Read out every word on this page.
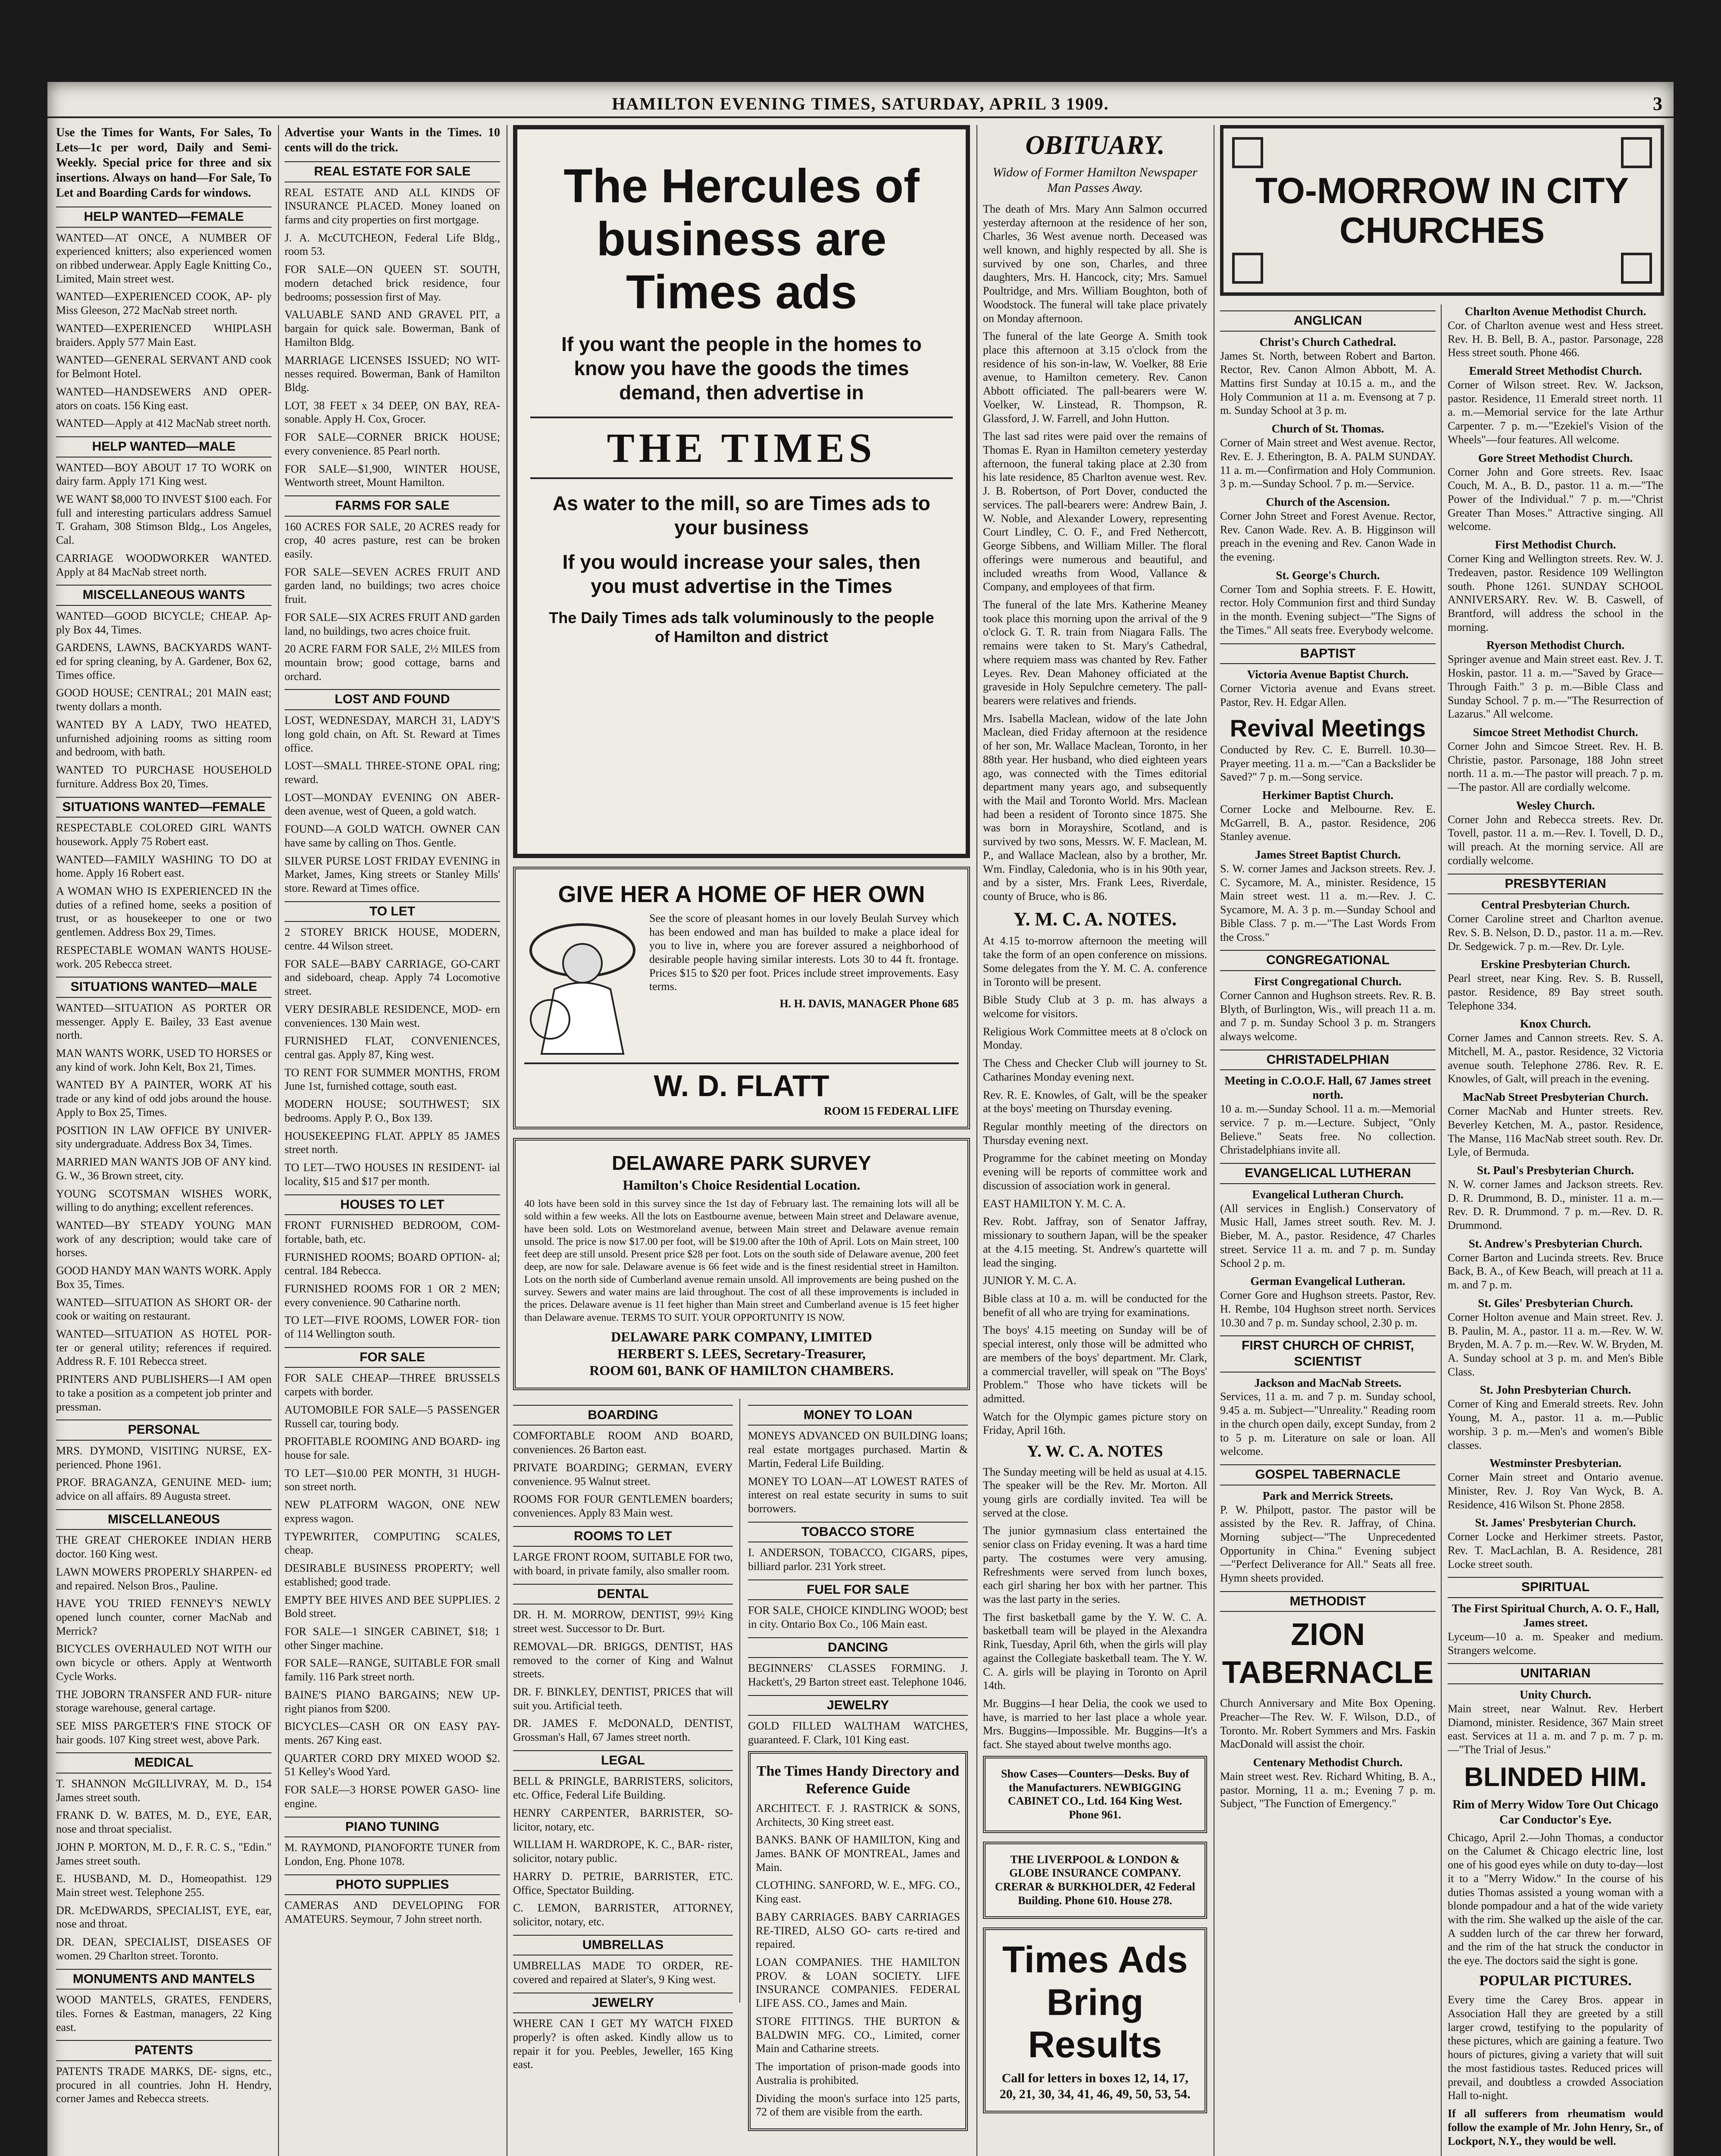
HAMILTON EVENING TIMES, SATURDAY, APRIL 3 1909.	3
Use the Times for Wants, For Sales, To Lets—1c per word, Daily and Semi-Weekly. Special price for three and six insertions. Always on hand—For Sale, To Let and Boarding Cards for windows.
HELP WANTED—FEMALE
WANTED—AT ONCE, A NUMBER OF experienced knitters; also experienced women on ribbed underwear. Apply Eagle Knitting Co., Limited, Main street west.
WANTED—EXPERIENCED COOK, AP- ply Miss Gleeson, 272 MacNab street north.
WANTED—EXPERIENCED WHIPLASH braiders. Apply 577 Main East.
WANTED—GENERAL SERVANT AND cook for Belmont Hotel.
WANTED—HANDSEWERS AND OPER- ators on coats. 156 King east.
WANTED—Apply at 412 MacNab street north.
HELP WANTED—MALE
WANTED—BOY ABOUT 17 TO WORK on dairy farm. Apply 171 King west.
WE WANT $8,000 TO INVEST $100 each. For full and interesting particulars address Samuel T. Graham, 308 Stimson Bldg., Los Angeles, Cal.
CARRIAGE WOODWORKER WANTED. Apply at 84 MacNab street north.
MISCELLANEOUS WANTS
WANTED—GOOD BICYCLE; CHEAP. Ap- ply Box 44, Times.
GARDENS, LAWNS, BACKYARDS WANT- ed for spring cleaning, by A. Gardener, Box 62, Times office.
GOOD HOUSE; CENTRAL; 201 MAIN east; twenty dollars a month.
WANTED BY A LADY, TWO HEATED, unfurnished adjoining rooms as sitting room and bedroom, with bath.
WANTED TO PURCHASE HOUSEHOLD furniture. Address Box 20, Times.
SITUATIONS WANTED—FEMALE
RESPECTABLE COLORED GIRL WANTS housework. Apply 75 Robert east.
WANTED—FAMILY WASHING TO DO at home. Apply 16 Robert east.
A WOMAN WHO IS EXPERIENCED IN the duties of a refined home, seeks a position of trust, or as housekeeper to one or two gentlemen. Address Box 29, Times.
RESPECTABLE WOMAN WANTS HOUSE- work. 205 Rebecca street.
SITUATIONS WANTED—MALE
WANTED—SITUATION AS PORTER OR messenger. Apply E. Bailey, 33 East avenue north.
MAN WANTS WORK, USED TO HORSES or any kind of work. John Kelt, Box 21, Times.
WANTED BY A PAINTER, WORK AT his trade or any kind of odd jobs around the house. Apply to Box 25, Times.
POSITION IN LAW OFFICE BY UNIVER- sity undergraduate. Address Box 34, Times.
MARRIED MAN WANTS JOB OF ANY kind. G. W., 36 Brown street, city.
YOUNG SCOTSMAN WISHES WORK, willing to do anything; excellent references.
WANTED—BY STEADY YOUNG MAN work of any description; would take care of horses.
GOOD HANDY MAN WANTS WORK. Apply Box 35, Times.
WANTED—SITUATION AS SHORT OR- der cook or waiting on restaurant.
WANTED—SITUATION AS HOTEL POR- ter or general utility; references if required. Address R. F. 101 Rebecca street.
PRINTERS AND PUBLISHERS—I AM open to take a position as a competent job printer and pressman.
PERSONAL
MRS. DYMOND, VISITING NURSE, EX- perienced. Phone 1961.
PROF. BRAGANZA, GENUINE MED- ium; advice on all affairs. 89 Augusta street.
MISCELLANEOUS
THE GREAT CHEROKEE INDIAN HERB doctor. 160 King west.
LAWN MOWERS PROPERLY SHARPEN- ed and repaired. Nelson Bros., Pauline.
HAVE YOU TRIED FENNEY'S NEWLY opened lunch counter, corner MacNab and Merrick?
BICYCLES OVERHAULED NOT WITH our own bicycle or others. Apply at Wentworth Cycle Works.
THE JOBORN TRANSFER AND FUR- niture storage warehouse, general cartage.
SEE MISS PARGETER'S FINE STOCK OF hair goods. 107 King street west, above Park.
MEDICAL
T. SHANNON McGILLIVRAY, M. D., 154 James street south.
FRANK D. W. BATES, M. D., EYE, EAR, nose and throat specialist.
JOHN P. MORTON, M. D., F. R. C. S., "Edin." James street south.
E. HUSBAND, M. D., Homeopathist. 129 Main street west. Telephone 255.
DR. McEDWARDS, SPECIALIST, EYE, ear, nose and throat.
DR. DEAN, SPECIALIST, DISEASES OF women. 29 Charlton street. Toronto.
MONUMENTS AND MANTELS
WOOD MANTELS, GRATES, FENDERS, tiles. Fornes & Eastman, managers, 22 King east.
PATENTS
PATENTS TRADE MARKS, DE- signs, etc., procured in all countries. John H. Hendry, corner James and Rebecca streets.
Advertise your Wants in the Times. 10 cents will do the trick.
REAL ESTATE FOR SALE
REAL ESTATE AND ALL KINDS OF INSURANCE PLACED. Money loaned on farms and city properties on first mortgage.
J. A. McCUTCHEON, Federal Life Bldg., room 53.
FOR SALE—ON QUEEN ST. SOUTH, modern detached brick residence, four bedrooms; possession first of May.
VALUABLE SAND AND GRAVEL PIT, a bargain for quick sale. Bowerman, Bank of Hamilton Bldg.
MARRIAGE LICENSES ISSUED; NO WIT- nesses required. Bowerman, Bank of Hamilton Bldg.
LOT, 38 FEET x 34 DEEP, ON BAY, REA- sonable. Apply H. Cox, Grocer.
FOR SALE—CORNER BRICK HOUSE; every convenience. 85 Pearl north.
FOR SALE—$1,900, WINTER HOUSE, Wentworth street, Mount Hamilton.
FARMS FOR SALE
160 ACRES FOR SALE, 20 ACRES ready for crop, 40 acres pasture, rest can be broken easily.
FOR SALE—SEVEN ACRES FRUIT AND garden land, no buildings; two acres choice fruit.
FOR SALE—SIX ACRES FRUIT AND garden land, no buildings, two acres choice fruit.
20 ACRE FARM FOR SALE, 2½ MILES from mountain brow; good cottage, barns and orchard.
LOST AND FOUND
LOST, WEDNESDAY, MARCH 31, LADY'S long gold chain, on Aft. St. Reward at Times office.
LOST—SMALL THREE-STONE OPAL ring; reward.
LOST—MONDAY EVENING ON ABER- deen avenue, west of Queen, a gold watch.
FOUND—A GOLD WATCH. OWNER CAN have same by calling on Thos. Gentle.
SILVER PURSE LOST FRIDAY EVENING in Market, James, King streets or Stanley Mills' store. Reward at Times office.
TO LET
2 STOREY BRICK HOUSE, MODERN, centre. 44 Wilson street.
FOR SALE—BABY CARRIAGE, GO-CART and sideboard, cheap. Apply 74 Locomotive street.
VERY DESIRABLE RESIDENCE, MOD- ern conveniences. 130 Main west.
FURNISHED FLAT, CONVENIENCES, central gas. Apply 87, King west.
TO RENT FOR SUMMER MONTHS, FROM June 1st, furnished cottage, south east.
MODERN HOUSE; SOUTHWEST; SIX bedrooms. Apply P. O., Box 139.
HOUSEKEEPING FLAT. APPLY 85 JAMES street north.
TO LET—TWO HOUSES IN RESIDENT- ial locality, $15 and $17 per month.
HOUSES TO LET
FRONT FURNISHED BEDROOM, COM- fortable, bath, etc.
FURNISHED ROOMS; BOARD OPTION- al; central. 184 Rebecca.
FURNISHED ROOMS FOR 1 OR 2 MEN; every convenience. 90 Catharine north.
TO LET—FIVE ROOMS, LOWER FOR- tion of 114 Wellington south.
FOR SALE
FOR SALE CHEAP—THREE BRUSSELS carpets with border.
AUTOMOBILE FOR SALE—5 PASSENGER Russell car, touring body.
PROFITABLE ROOMING AND BOARD- ing house for sale.
TO LET—$10.00 PER MONTH, 31 HUGH- son street north.
NEW PLATFORM WAGON, ONE NEW express wagon.
TYPEWRITER, COMPUTING SCALES, cheap.
DESIRABLE BUSINESS PROPERTY; well established; good trade.
EMPTY BEE HIVES AND BEE SUPPLIES. 2 Bold street.
FOR SALE—1 SINGER CABINET, $18; 1 other Singer machine.
FOR SALE—RANGE, SUITABLE FOR small family. 116 Park street north.
BAINE'S PIANO BARGAINS; NEW UP- right pianos from $200.
BICYCLES—CASH OR ON EASY PAY- ments. 267 King east.
QUARTER CORD DRY MIXED WOOD $2. 51 Kelley's Wood Yard.
FOR SALE—3 HORSE POWER GASO- line engine.
PIANO TUNING
M. RAYMOND, PIANOFORTE TUNER from London, Eng. Phone 1078.
PHOTO SUPPLIES
CAMERAS AND DEVELOPING FOR AMATEURS. Seymour, 7 John street north.
The Hercules of business are Times ads

If you want the people in the homes to know you have the goods the times demand, then advertise in

THE TIMES

As water to the mill, so are Times ads to your business

If you would increase your sales, then you must advertise in the Times

The Daily Times ads talk voluminously to the people of Hamilton and district

GIVE HER A HOME OF HER OWN
See the score of pleasant homes in our lovely Beulah Survey which has been endowed and man has builded to make a place ideal for you to live in, where you are forever assured a neighborhood of desirable people having similar interests. Lots 30 to 44 ft. frontage. Prices $15 to $20 per foot. Prices include street improvements. Easy terms.
H. H. DAVIS, MANAGER Phone 685
W. D. FLATT
ROOM 15 FEDERAL LIFE
DELAWARE PARK SURVEY
Hamilton's Choice Residential Location.
40 lots have been sold in this survey since the 1st day of February last. The remaining lots will all be sold within a few weeks. All the lots on Eastbourne avenue, between Main street and Delaware avenue, have been sold. Lots on Westmoreland avenue, between Main street and Delaware avenue remain unsold. The price is now $17.00 per foot, will be $19.00 after the 10th of April. Lots on Main street, 100 feet deep are still unsold. Present price $28 per foot. Lots on the south side of Delaware avenue, 200 feet deep, are now for sale. Delaware avenue is 66 feet wide and is the finest residential street in Hamilton. Lots on the north side of Cumberland avenue remain unsold. All improvements are being pushed on the survey. Sewers and water mains are laid throughout. The cost of all these improvements is included in the prices. Delaware avenue is 11 feet higher than Main street and Cumberland avenue is 15 feet higher than Delaware avenue. TERMS TO SUIT. YOUR OPPORTUNITY IS NOW.
DELAWARE PARK COMPANY, LIMITED
HERBERT S. LEES, Secretary-Treasurer,
ROOM 601, BANK OF HAMILTON CHAMBERS.
BOARDING
COMFORTABLE ROOM AND BOARD, conveniences. 26 Barton east.
PRIVATE BOARDING; GERMAN, EVERY convenience. 95 Walnut street.
ROOMS FOR FOUR GENTLEMEN boarders; conveniences. Apply 83 Main west.
ROOMS TO LET
LARGE FRONT ROOM, SUITABLE FOR two, with board, in private family, also smaller room.
DENTAL
DR. H. M. MORROW, DENTIST, 99½ King street west. Successor to Dr. Burt.
REMOVAL—DR. BRIGGS, DENTIST, HAS removed to the corner of King and Walnut streets.
DR. F. BINKLEY, DENTIST, PRICES that will suit you. Artificial teeth.
DR. JAMES F. McDONALD, DENTIST, Grossman's Hall, 67 James street north.
LEGAL
BELL & PRINGLE, BARRISTERS, solicitors, etc. Office, Federal Life Building.
HENRY CARPENTER, BARRISTER, SO- licitor, notary, etc.
WILLIAM H. WARDROPE, K. C., BAR- rister, solicitor, notary public.
HARRY D. PETRIE, BARRISTER, ETC. Office, Spectator Building.
C. LEMON, BARRISTER, ATTORNEY, solicitor, notary, etc.
UMBRELLAS
UMBRELLAS MADE TO ORDER, RE- covered and repaired at Slater's, 9 King west.
JEWELRY
WHERE CAN I GET MY WATCH FIXED properly? is often asked. Kindly allow us to repair it for you. Peebles, Jeweller, 165 King east.
MONEY TO LOAN
MONEYS ADVANCED ON BUILDING loans; real estate mortgages purchased. Martin & Martin, Federal Life Building.
MONEY TO LOAN—AT LOWEST RATES of interest on real estate security in sums to suit borrowers.
TOBACCO STORE
I. ANDERSON, TOBACCO, CIGARS, pipes, billiard parlor. 231 York street.
FUEL FOR SALE
FOR SALE, CHOICE KINDLING WOOD; best in city. Ontario Box Co., 106 Main east.
DANCING
BEGINNERS' CLASSES FORMING. J. Hackett's, 29 Barton street east. Telephone 1046.
JEWELRY
GOLD FILLED WALTHAM WATCHES, guaranteed. F. Clark, 101 King east.
The Times Handy Directory and Reference Guide
ARCHITECT. F. J. RASTRICK & SONS, Architects, 30 King street east.
BANKS. BANK OF HAMILTON, King and James. BANK OF MONTREAL, James and Main.
CLOTHING. SANFORD, W. E., MFG. CO., King east.
BABY CARRIAGES. BABY CARRIAGES RE-TIRED, ALSO GO- carts re-tired and repaired.
LOAN COMPANIES. THE HAMILTON PROV. & LOAN SOCIETY. LIFE INSURANCE COMPANIES. FEDERAL LIFE ASS. CO., James and Main.
STORE FITTINGS. THE BURTON & BALDWIN MFG. CO., Limited, corner Main and Catharine streets.
The importation of prison-made goods into Australia is prohibited.
Dividing the moon's surface into 125 parts, 72 of them are visible from the earth.
OBITUARY.
Widow of Former Hamilton Newspaper Man Passes Away.

The death of Mrs. Mary Ann Salmon occurred yesterday afternoon at the residence of her son, Charles, 36 West avenue north. Deceased was well known, and highly respected by all. She is survived by one son, Charles, and three daughters, Mrs. H. Hancock, city; Mrs. Samuel Poultridge, and Mrs. William Boughton, both of Woodstock. The funeral will take place privately on Monday afternoon.

The funeral of the late George A. Smith took place this afternoon at 3.15 o'clock from the residence of his son-in-law, W. Voelker, 88 Erie avenue, to Hamilton cemetery. Rev. Canon Abbott officiated. The pall-bearers were W. Voelker, W. Linstead, R. Thompson, R. Glassford, J. W. Farrell, and John Hutton.

The last sad rites were paid over the remains of Thomas E. Ryan in Hamilton cemetery yesterday afternoon, the funeral taking place at 2.30 from his late residence, 85 Charlton avenue west. Rev. J. B. Robertson, of Port Dover, conducted the services. The pall-bearers were: Andrew Bain, J. W. Noble, and Alexander Lowery, representing Court Lindley, C. O. F., and Fred Nethercott, George Sibbens, and William Miller. The floral offerings were numerous and beautiful, and included wreaths from Wood, Vallance & Company, and employees of that firm.

The funeral of the late Mrs. Katherine Meaney took place this morning upon the arrival of the 9 o'clock G. T. R. train from Niagara Falls. The remains were taken to St. Mary's Cathedral, where requiem mass was chanted by Rev. Father Leyes. Rev. Dean Mahoney officiated at the graveside in Holy Sepulchre cemetery. The pall-bearers were relatives and friends.

Mrs. Isabella Maclean, widow of the late John Maclean, died Friday afternoon at the residence of her son, Mr. Wallace Maclean, Toronto, in her 88th year. Her husband, who died eighteen years ago, was connected with the Times editorial department many years ago, and subsequently with the Mail and Toronto World. Mrs. Maclean had been a resident of Toronto since 1875. She was born in Morayshire, Scotland, and is survived by two sons, Messrs. W. F. Maclean, M. P., and Wallace Maclean, also by a brother, Mr. Wm. Findlay, Caledonia, who is in his 90th year, and by a sister, Mrs. Frank Lees, Riverdale, county of Bruce, who is 86.

Y. M. C. A. NOTES.

At 4.15 to-morrow afternoon the meeting will take the form of an open conference on missions. Some delegates from the Y. M. C. A. conference in Toronto will be present.

Bible Study Club at 3 p. m. has always a welcome for visitors.

Religious Work Committee meets at 8 o'clock on Monday.

The Chess and Checker Club will journey to St. Catharines Monday evening next.

Rev. R. E. Knowles, of Galt, will be the speaker at the boys' meeting on Thursday evening.

Regular monthly meeting of the directors on Thursday evening next.

Programme for the cabinet meeting on Monday evening will be reports of committee work and discussion of association work in general.

EAST HAMILTON Y. M. C. A.

Rev. Robt. Jaffray, son of Senator Jaffray, missionary to southern Japan, will be the speaker at the 4.15 meeting. St. Andrew's quartette will lead the singing.

JUNIOR Y. M. C. A.

Bible class at 10 a. m. will be conducted for the benefit of all who are trying for examinations.

The boys' 4.15 meeting on Sunday will be of special interest, only those will be admitted who are members of the boys' department. Mr. Clark, a commercial traveller, will speak on "The Boys' Problem." Those who have tickets will be admitted.

Watch for the Olympic games picture story on Friday, April 16th.

Y. W. C. A. NOTES

The Sunday meeting will be held as usual at 4.15. The speaker will be the Rev. Mr. Morton. All young girls are cordially invited. Tea will be served at the close.

The junior gymnasium class entertained the senior class on Friday evening. It was a hard time party. The costumes were very amusing. Refreshments were served from lunch boxes, each girl sharing her box with her partner. This was the last party in the series.

The first basketball game by the Y. W. C. A. basketball team will be played in the Alexandra Rink, Tuesday, April 6th, when the girls will play against the Collegiate basketball team. The Y. W. C. A. girls will be playing in Toronto on April 14th.

Mr. Buggins—I hear Delia, the cook we used to have, is married to her last place a whole year. Mrs. Buggins—Impossible. Mr. Buggins—It's a fact. She stayed about twelve months ago.

Show Cases—Counters—Desks. Buy of the Manufacturers. NEWBIGGING CABINET CO., Ltd. 164 King West. Phone 961.
THE LIVERPOOL & LONDON & GLOBE INSURANCE COMPANY. CRERAR & BURKHOLDER, 42 Federal Building. Phone 610. House 278.
Times Ads Bring Results
Call for letters in boxes 12, 14, 17, 20, 21, 30, 34, 41, 46, 49, 50, 53, 54.
TO-MORROW IN CITY CHURCHES
ANGLICAN
Christ's Church Cathedral.
James St. North, between Robert and Barton. Rector, Rev. Canon Almon Abbott, M. A. Mattins first Sunday at 10.15 a. m., and the Holy Communion at 11 a. m. Evensong at 7 p. m. Sunday School at 3 p. m.
Church of St. Thomas.
Corner of Main street and West avenue. Rector, Rev. E. J. Etherington, B. A. PALM SUNDAY. 11 a. m.—Confirmation and Holy Communion. 3 p. m.—Sunday School. 7 p. m.—Service.
Church of the Ascension.
Corner John Street and Forest Avenue. Rector, Rev. Canon Wade. Rev. A. B. Higginson will preach in the evening and Rev. Canon Wade in the evening.
St. George's Church.
Corner Tom and Sophia streets. F. E. Howitt, rector. Holy Communion first and third Sunday in the month. Evening subject—"The Signs of the Times." All seats free. Everybody welcome.
BAPTIST
Victoria Avenue Baptist Church.
Corner Victoria avenue and Evans street. Pastor, Rev. H. Edgar Allen.
Revival Meetings
Conducted by Rev. C. E. Burrell. 10.30—Prayer meeting. 11 a. m.—"Can a Backslider be Saved?" 7 p. m.—Song service.
Herkimer Baptist Church.
Corner Locke and Melbourne. Rev. E. McGarrell, B. A., pastor. Residence, 206 Stanley avenue.
James Street Baptist Church.
S. W. corner James and Jackson streets. Rev. J. C. Sycamore, M. A., minister. Residence, 15 Main street west. 11 a. m.—Rev. J. C. Sycamore, M. A. 3 p. m.—Sunday School and Bible Class. 7 p. m.—"The Last Words From the Cross."
CONGREGATIONAL
First Congregational Church.
Corner Cannon and Hughson streets. Rev. R. B. Blyth, of Burlington, Wis., will preach 11 a. m. and 7 p. m. Sunday School 3 p. m. Strangers always welcome.
CHRISTADELPHIAN
Meeting in C.O.O.F. Hall, 67 James street north.
10 a. m.—Sunday School. 11 a. m.—Memorial service. 7 p. m.—Lecture. Subject, "Only Believe." Seats free. No collection. Christadelphians invite all.
EVANGELICAL LUTHERAN
Evangelical Lutheran Church.
(All services in English.) Conservatory of Music Hall, James street south. Rev. M. J. Bieber, M. A., pastor. Residence, 47 Charles street. Service 11 a. m. and 7 p. m. Sunday School 2 p. m.
German Evangelical Lutheran.
Corner Gore and Hughson streets. Pastor, Rev. H. Rembe, 104 Hughson street north. Services 10.30 and 7 p. m. Sunday school, 2.30 p. m.
FIRST CHURCH OF CHRIST, SCIENTIST
Jackson and MacNab Streets.
Services, 11 a. m. and 7 p. m. Sunday school, 9.45 a. m. Subject—"Unreality." Reading room in the church open daily, except Sunday, from 2 to 5 p. m. Literature on sale or loan. All welcome.
GOSPEL TABERNACLE
Park and Merrick Streets.
P. W. Philpott, pastor. The pastor will be assisted by the Rev. R. Jaffray, of China. Morning subject—"The Unprecedented Opportunity in China." Evening subject—"Perfect Deliverance for All." Seats all free. Hymn sheets provided.
METHODIST
ZION TABERNACLE
Church Anniversary and Mite Box Opening. Preacher—The Rev. W. F. Wilson, D.D., of Toronto. Mr. Robert Symmers and Mrs. Faskin MacDonald will assist the choir.
Centenary Methodist Church.
Main street west. Rev. Richard Whiting, B. A., pastor. Morning, 11 a. m.; Evening 7 p. m. Subject, "The Function of Emergency."
Charlton Avenue Methodist Church.
Cor. of Charlton avenue west and Hess street. Rev. H. B. Bell, B. A., pastor. Parsonage, 228 Hess street south. Phone 466.
Emerald Street Methodist Church.
Corner of Wilson street. Rev. W. Jackson, pastor. Residence, 11 Emerald street north. 11 a. m.—Memorial service for the late Arthur Carpenter. 7 p. m.—"Ezekiel's Vision of the Wheels"—four features. All welcome.
Gore Street Methodist Church.
Corner John and Gore streets. Rev. Isaac Couch, M. A., B. D., pastor. 11 a. m.—"The Power of the Individual." 7 p. m.—"Christ Greater Than Moses." Attractive singing. All welcome.
First Methodist Church.
Corner King and Wellington streets. Rev. W. J. Tredeaven, pastor. Residence 109 Wellington south. Phone 1261. SUNDAY SCHOOL ANNIVERSARY. Rev. W. B. Caswell, of Brantford, will address the school in the morning.
Ryerson Methodist Church.
Springer avenue and Main street east. Rev. J. T. Hoskin, pastor. 11 a. m.—"Saved by Grace—Through Faith." 3 p. m.—Bible Class and Sunday School. 7 p. m.—"The Resurrection of Lazarus." All welcome.
Simcoe Street Methodist Church.
Corner John and Simcoe Street. Rev. H. B. Christie, pastor. Parsonage, 188 John street north. 11 a. m.—The pastor will preach. 7 p. m.—The pastor. All are cordially welcome.
Wesley Church.
Corner John and Rebecca streets. Rev. Dr. Tovell, pastor. 11 a. m.—Rev. I. Tovell, D. D., will preach. At the morning service. All are cordially welcome.
PRESBYTERIAN
Central Presbyterian Church.
Corner Caroline street and Charlton avenue. Rev. S. B. Nelson, D. D., pastor. 11 a. m.—Rev. Dr. Sedgewick. 7 p. m.—Rev. Dr. Lyle.
Erskine Presbyterian Church.
Pearl street, near King. Rev. S. B. Russell, pastor. Residence, 89 Bay street south. Telephone 334.
Knox Church.
Corner James and Cannon streets. Rev. S. A. Mitchell, M. A., pastor. Residence, 32 Victoria avenue south. Telephone 2786. Rev. R. E. Knowles, of Galt, will preach in the evening.
MacNab Street Presbyterian Church.
Corner MacNab and Hunter streets. Rev. Beverley Ketchen, M. A., pastor. Residence, The Manse, 116 MacNab street south. Rev. Dr. Lyle, of Bermuda.
St. Paul's Presbyterian Church.
N. W. corner James and Jackson streets. Rev. D. R. Drummond, B. D., minister. 11 a. m.—Rev. D. R. Drummond. 7 p. m.—Rev. D. R. Drummond.
St. Andrew's Presbyterian Church.
Corner Barton and Lucinda streets. Rev. Bruce Back, B. A., of Kew Beach, will preach at 11 a. m. and 7 p. m.
St. Giles' Presbyterian Church.
Corner Holton avenue and Main street. Rev. J. B. Paulin, M. A., pastor. 11 a. m.—Rev. W. W. Bryden, M. A. 7 p. m.—Rev. W. W. Bryden, M. A. Sunday school at 3 p. m. and Men's Bible Class.
St. John Presbyterian Church.
Corner of King and Emerald streets. Rev. John Young, M. A., pastor. 11 a. m.—Public worship. 3 p. m.—Men's and women's Bible classes.
Westminster Presbyterian.
Corner Main street and Ontario avenue. Minister, Rev. J. Roy Van Wyck, B. A. Residence, 416 Wilson St. Phone 2858.
St. James' Presbyterian Church.
Corner Locke and Herkimer streets. Pastor, Rev. T. MacLachlan, B. A. Residence, 281 Locke street south.
SPIRITUAL
The First Spiritual Church, A. O. F., Hall, James street.
Lyceum—10 a. m. Speaker and medium. Strangers welcome.
UNITARIAN
Unity Church.
Main street, near Walnut. Rev. Herbert Diamond, minister. Residence, 367 Main street east. Services at 11 a. m. and 7 p. m. 7 p. m.—"The Trial of Jesus."
BLINDED HIM.
Rim of Merry Widow Tore Out Chicago Car Conductor's Eye.
Chicago, April 2.—John Thomas, a conductor on the Calumet & Chicago electric line, lost one of his good eyes while on duty to-day—lost it to a "Merry Widow." In the course of his duties Thomas assisted a young woman with a blonde pompadour and a hat of the wide variety with the rim. She walked up the aisle of the car. A sudden lurch of the car threw her forward, and the rim of the hat struck the conductor in the eye. The doctors said the sight is gone.
POPULAR PICTURES.
Every time the Carey Bros. appear in Association Hall they are greeted by a still larger crowd, testifying to the popularity of these pictures, which are gaining a feature. Two hours of pictures, giving a variety that will suit the most fastidious tastes. Reduced prices will prevail, and doubtless a crowded Association Hall to-night.
If all sufferers from rheumatism would follow the example of Mr. John Henry, Sr., of Lockport, N.Y., they would be well.
